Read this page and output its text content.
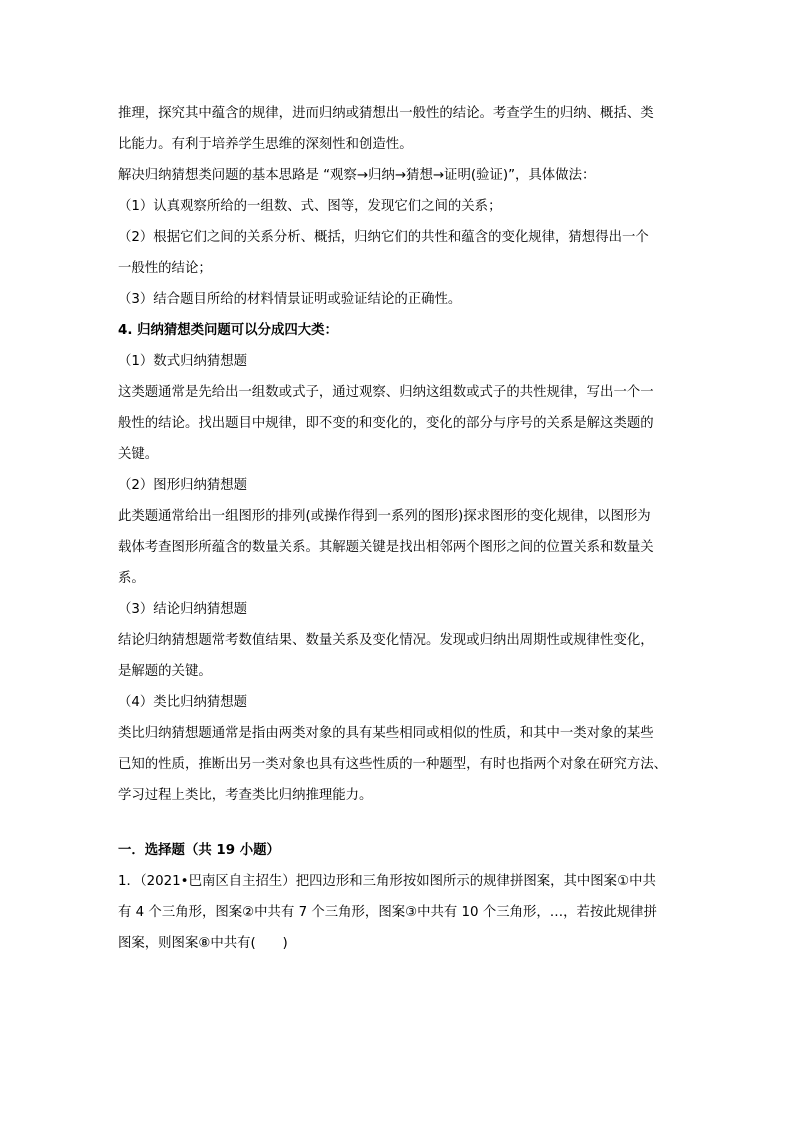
推理，探究其中蕴含的规律，进而归纳或猜想出一般性的结论。考查学生的归纳、概括、类
比能力。有利于培养学生思维的深刻性和创造性。
解决归纳猜想类问题的基本思路是 “观察→归纳→猜想→证明(验证)”，具体做法：
（1）认真观察所给的一组数、式、图等，发现它们之间的关系；
（2）根据它们之间的关系分析、概括，归纳它们的共性和蕴含的变化规律，猜想得出一个
一般性的结论；
（3）结合题目所给的材料情景证明或验证结论的正确性。
4. 归纳猜想类问题可以分成四大类：
（1）数式归纳猜想题
这类题通常是先给出一组数或式子，通过观察、归纳这组数或式子的共性规律，写出一个一
般性的结论。找出题目中规律，即不变的和变化的，变化的部分与序号的关系是解这类题的
关键。
（2）图形归纳猜想题
此类题通常给出一组图形的排列(或操作得到一系列的图形)探求图形的变化规律，以图形为
载体考查图形所蕴含的数量关系。其解题关键是找出相邻两个图形之间的位置关系和数量关
系。
（3）结论归纳猜想题
结论归纳猜想题常考数值结果、数量关系及变化情况。发现或归纳出周期性或规律性变化，
是解题的关键。
（4）类比归纳猜想题
类比归纳猜想题通常是指由两类对象的具有某些相同或相似的性质，和其中一类对象的某些
已知的性质，推断出另一类对象也具有这些性质的一种题型，有时也指两个对象在研究方法、
学习过程上类比，考查类比归纳推理能力。
一．选择题（共 19 小题）
1．（2021•巴南区自主招生）把四边形和三角形按如图所示的规律拼图案，其中图案①中共
有 4 个三角形，图案②中共有 7 个三角形，图案③中共有 10 个三角形，…，若按此规律拼
图案，则图案⑧中共有(　　)
